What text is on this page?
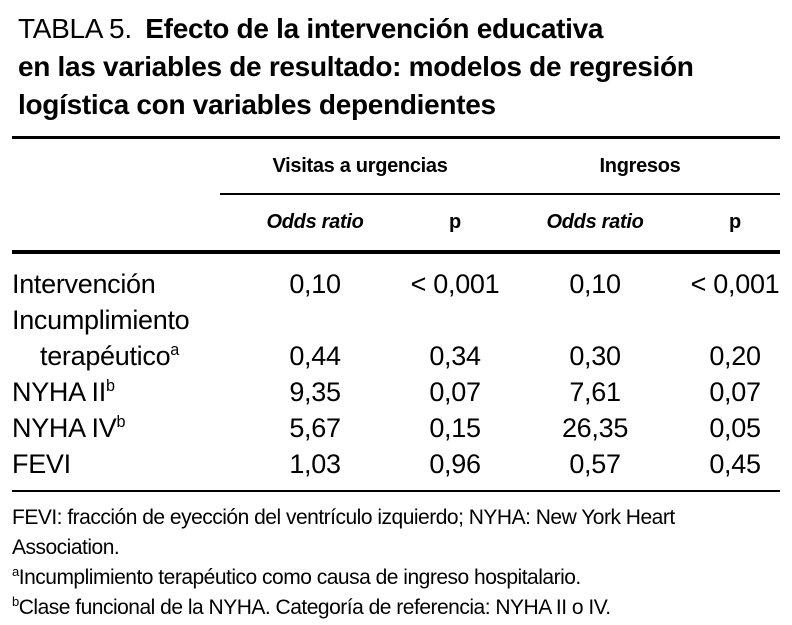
TABLA 5. Efecto de la intervención educativa
en las variables de resultado: modelos de regresión
logística con variables dependientes
	Visitas a urgencias		Ingresos	
	Odds ratio	p	Odds ratio	p
Intervención	0,10	< 0,001	0,10	< 0,001

Incumplimiento
terapéutico$^a$	0,44	0,34	0,30	0,20
NYHA II$^b$	9,35	0,07	7,61	0,07
NYHA IV$^b$	5,67	0,15	26,35	0,05
FEVI	1,03	0,96	0,57	0,45
FEVI: fracción de eyección del ventrículo izquierdo; NYHA: New York Heart
Association.
$^a$Incumplimiento terapéutico como causa de ingreso hospitalario.
$^b$Clase funcional de la NYHA. Categoría de referencia: NYHA II o IV.
